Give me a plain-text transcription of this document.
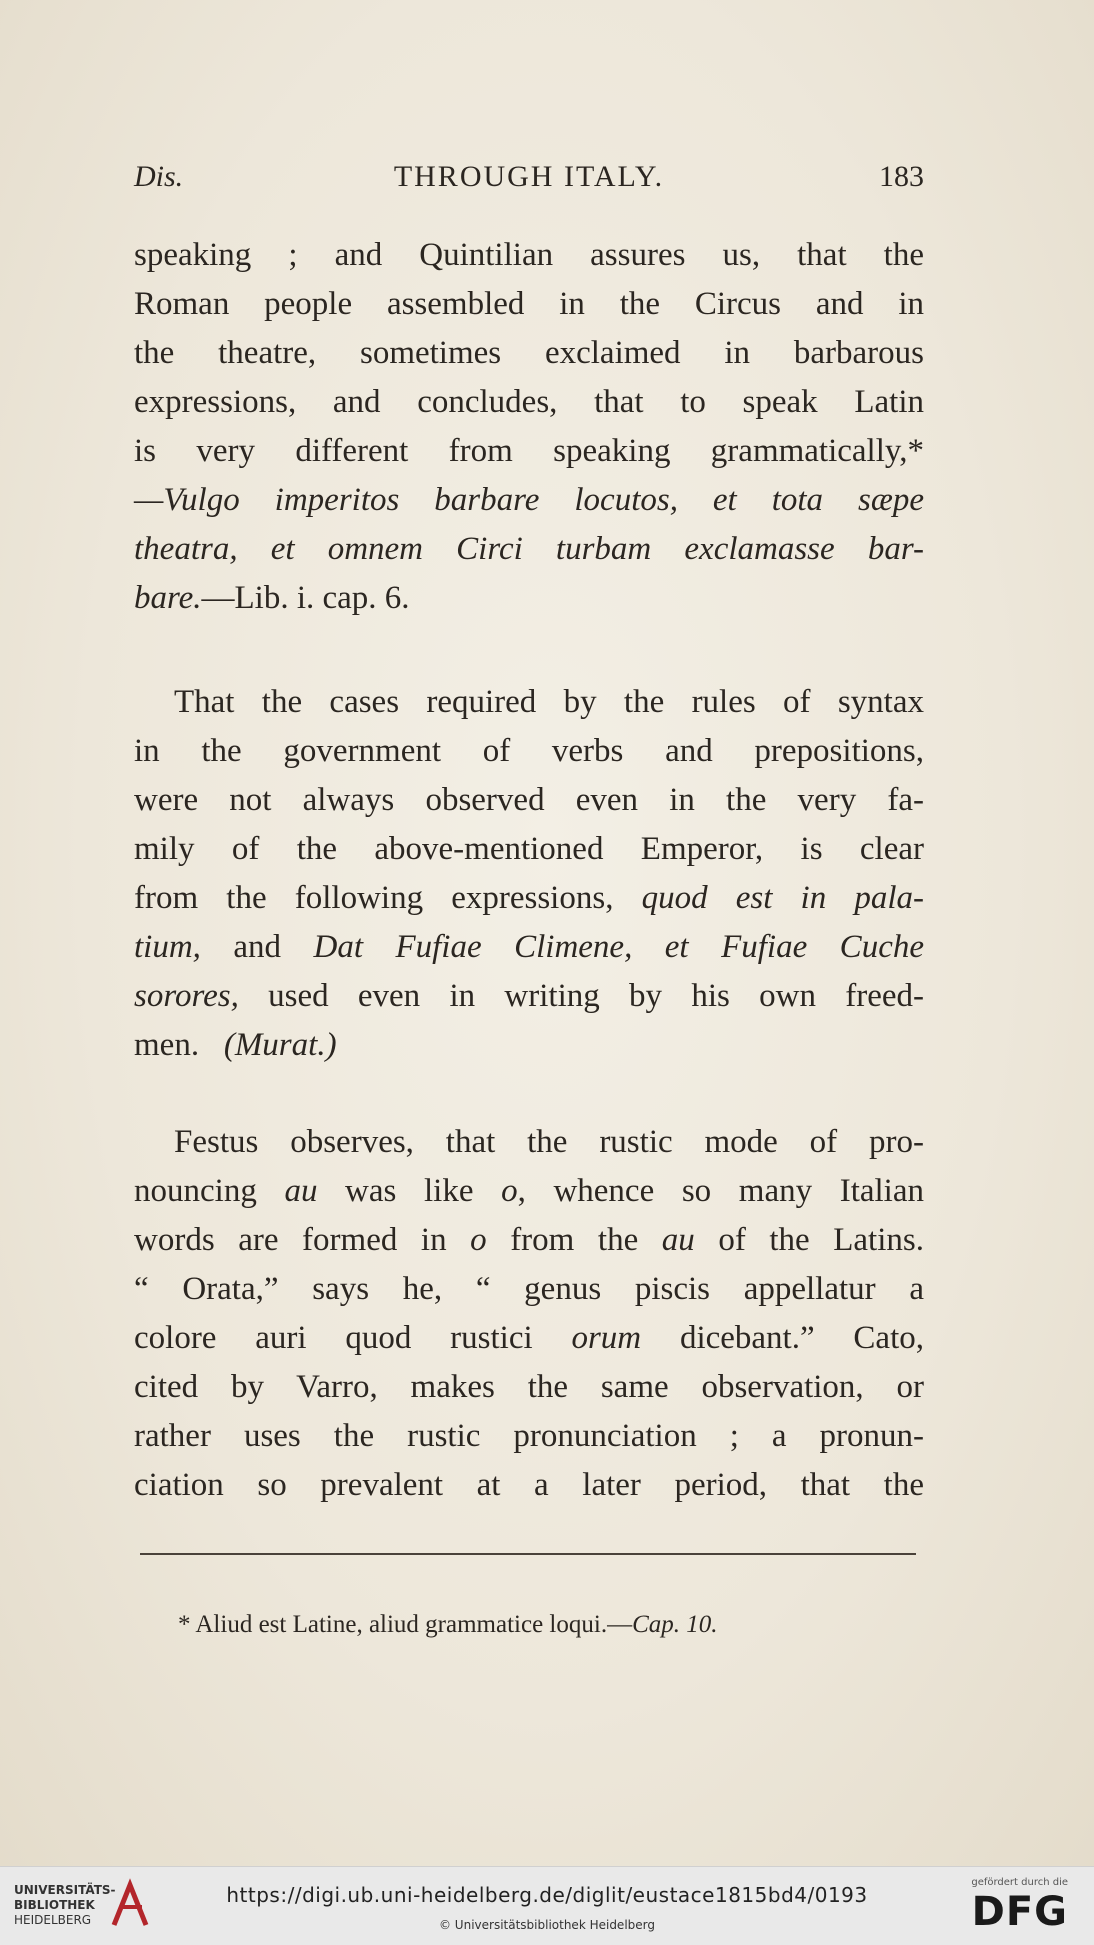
Dis.	THROUGH ITALY.	183
speaking ; and Quintilian assures us, that the
Roman people assembled in the Circus and in
the theatre, sometimes exclaimed in barbarous
expressions, and concludes, that to speak Latin
is very different from speaking grammatically,*
—Vulgo imperitos barbare locutos, et tota sæpe
theatra, et omnem Circi turbam exclamasse bar-
bare.—Lib. i. cap. 6.
That the cases required by the rules of syntax
in the government of verbs and prepositions,
were not always observed even in the very fa-
mily of the above-mentioned Emperor, is clear
from the following expressions, quod est in pala-
tium, and Dat Fufiae Climene, et Fufiae Cuche
sorores, used even in writing by his own freed-
men. (Murat.)
Festus observes, that the rustic mode of pro-
nouncing au was like o, whence so many Italian
words are formed in o from the au of the Latins.
“ Orata,” says he, “ genus piscis appellatur a
colore auri quod rustici orum dicebant.” Cato,
cited by Varro, makes the same observation, or
rather uses the rustic pronunciation ; a pronun-
ciation so prevalent at a later period, that the
* Aliud est Latine, aliud grammatice loqui.—Cap. 10.
UNIVERSITÄTS-
BIBLIOTHEK
HEIDELBERG
https://digi.ub.uni-heidelberg.de/diglit/eustace1815bd4/0193
© Universitätsbibliothek Heidelberg
gefördert durch die
DFG
